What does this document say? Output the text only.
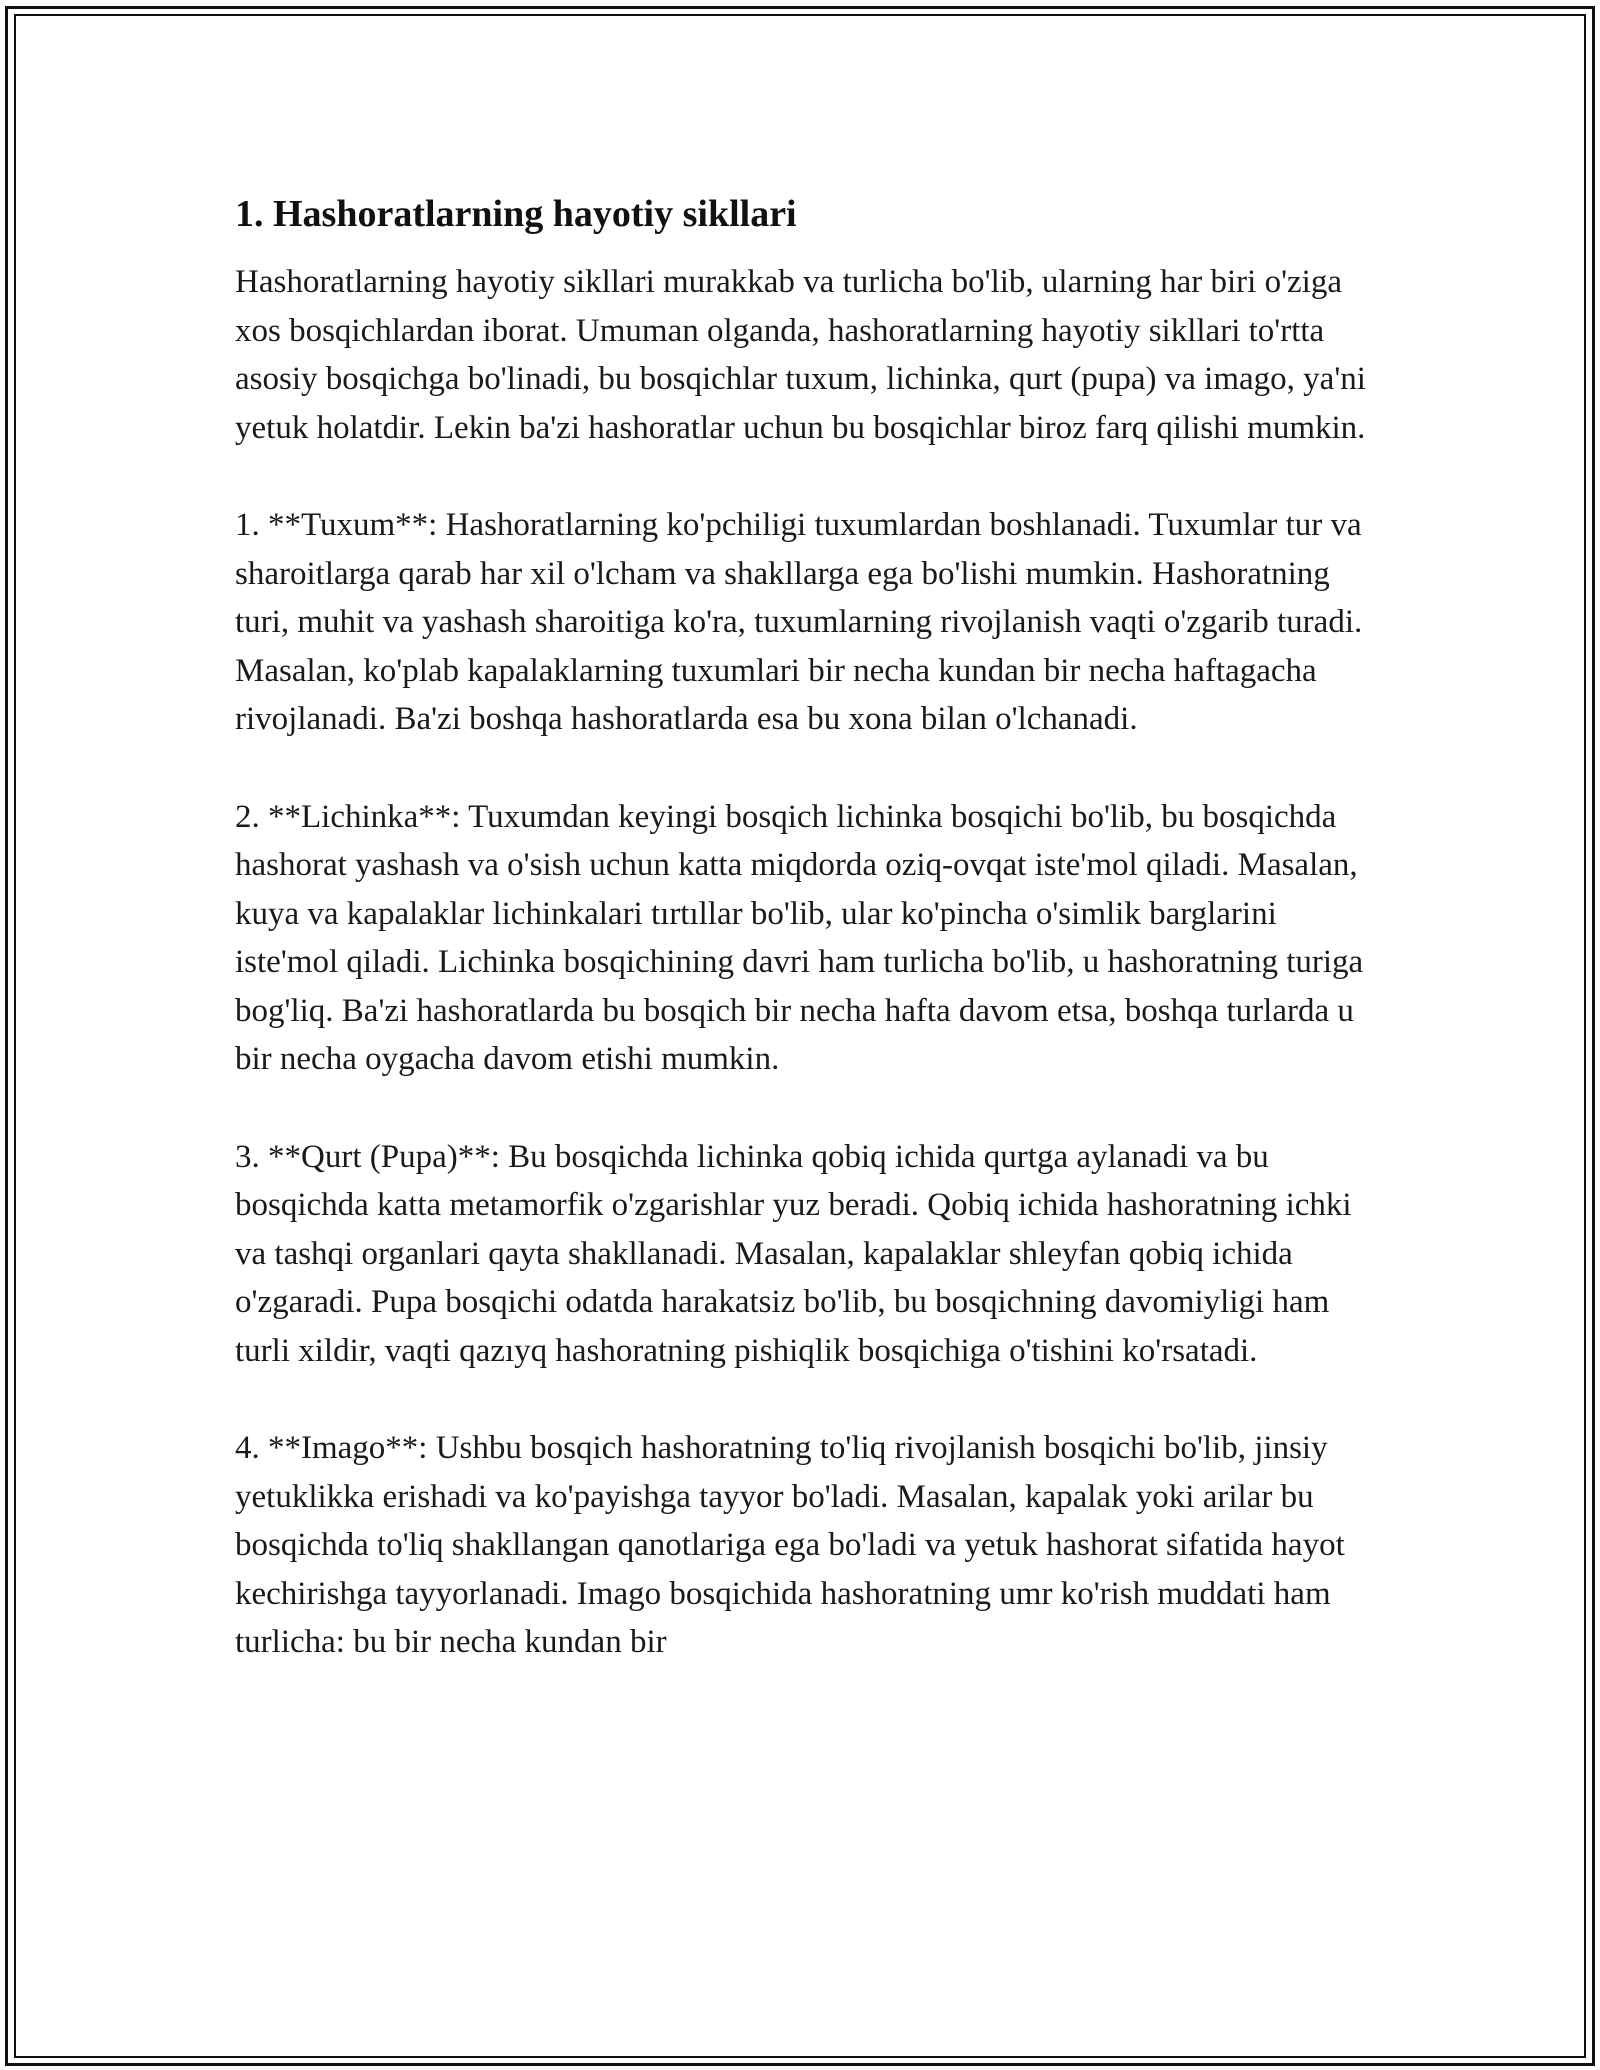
1. Hashoratlarning hayotiy sikllari

Hashoratlarning hayotiy sikllari murakkab va turlicha bo'lib, ularning har biri o'ziga xos bosqichlardan iborat. Umuman olganda, hashoratlarning hayotiy sikllari to'rtta asosiy bosqichga bo'linadi, bu bosqichlar tuxum, lichinka, qurt (pupa) va imago, ya'ni yetuk holatdir. Lekin ba'zi hashoratlar uchun bu bosqichlar biroz farq qilishi mumkin.

1. **Tuxum**: Hashoratlarning ko'pchiligi tuxumlardan boshlanadi. Tuxumlar tur va sharoitlarga qarab har xil o'lcham va shakllarga ega bo'lishi mumkin. Hashoratning turi, muhit va yashash sharoitiga ko'ra, tuxumlarning rivojlanish vaqti o'zgarib turadi. Masalan, ko'plab kapalaklarning tuxumlari bir necha kundan bir necha haftagacha rivojlanadi. Ba'zi boshqa hashoratlarda esa bu xona bilan o'lchanadi.

2. **Lichinka**: Tuxumdan keyingi bosqich lichinka bosqichi bo'lib, bu bosqichda hashorat yashash va o'sish uchun katta miqdorda oziq-ovqat iste'mol qiladi. Masalan, kuya va kapalaklar lichinkalari tırtıllar bo'lib, ular ko'pincha o'simlik barglarini iste'mol qiladi. Lichinka bosqichining davri ham turlicha bo'lib, u hashoratning turiga bog'liq. Ba'zi hashoratlarda bu bosqich bir necha hafta davom etsa, boshqa turlarda u bir necha oygacha davom etishi mumkin.

3. **Qurt (Pupa)**: Bu bosqichda lichinka qobiq ichida qurtga aylanadi va bu bosqichda katta metamorfik o'zgarishlar yuz beradi. Qobiq ichida hashoratning ichki va tashqi organlari qayta shakllanadi. Masalan, kapalaklar shleyfan qobiq ichida o'zgaradi. Pupa bosqichi odatda harakatsiz bo'lib, bu bosqichning davomiyligi ham turli xildir, vaqti qazıyq hashoratning pishiqlik bosqichiga o'tishini ko'rsatadi.

4. **Imago**: Ushbu bosqich hashoratning to'liq rivojlanish bosqichi bo'lib, jinsiy yetuklikka erishadi va ko'payishga tayyor bo'ladi. Masalan, kapalak yoki arilar bu bosqichda to'liq shakllangan qanotlariga ega bo'ladi va yetuk hashorat sifatida hayot kechirishga tayyorlanadi. Imago bosqichida hashoratning umr ko'rish muddati ham turlicha: bu bir necha kundan bir
